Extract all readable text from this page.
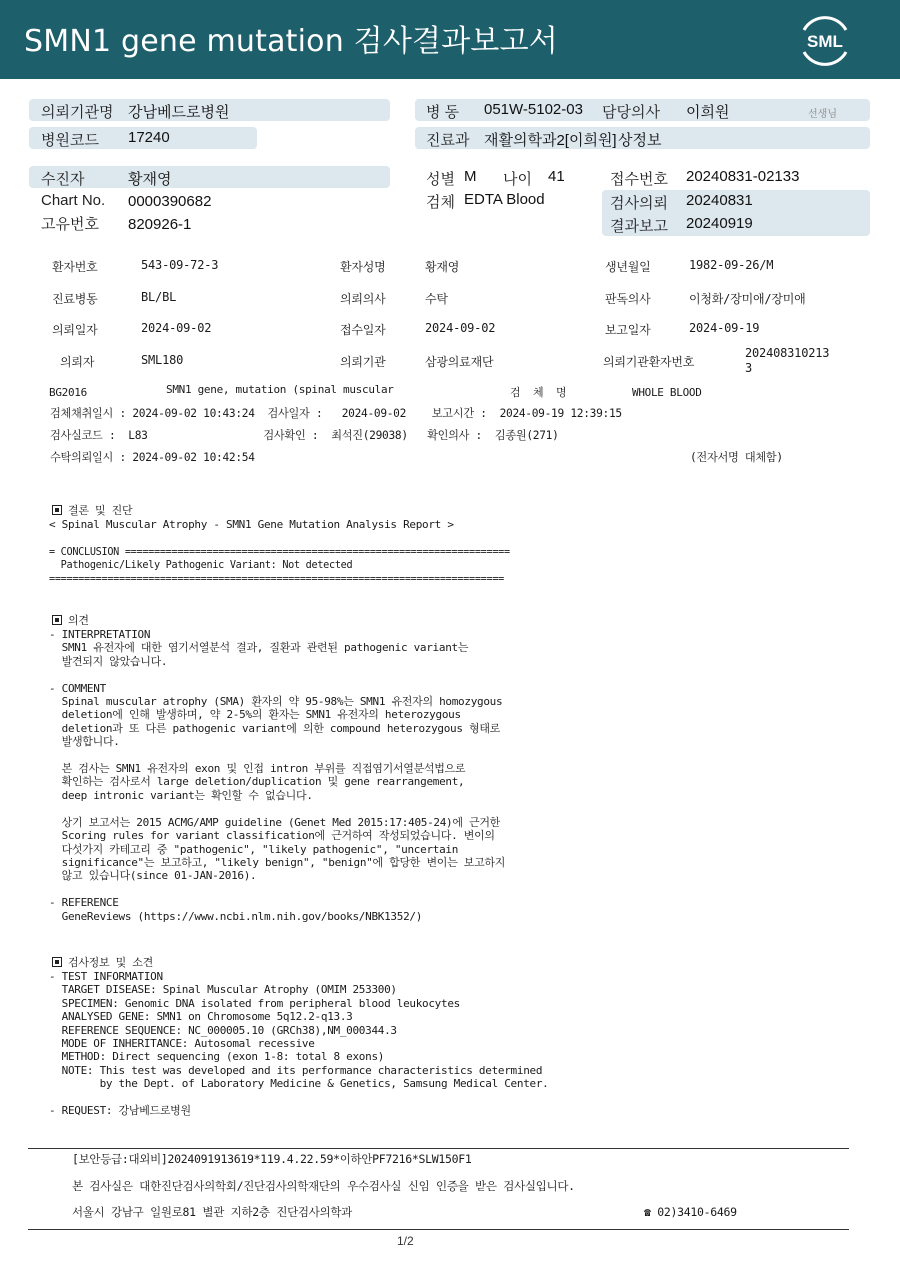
SMN1 gene mutation 검사결과보고서	SML
의뢰기관명 강남베드로병원
병원코드 17240
병 동 051W-5102-03 담당의사 이희원	선생님
진료과 재활의학과2[이희원] 상정보
수진자	황재영
Chart No. 0000390682
고유번호 820926-1
성별 M 나이 41
검체 EDTA Blood
접수번호 20240831-02133
검사의뢰 20240831
결과보고 20240919
환자번호	543-09-72-3	환자성명	황재영	생년월일	1982-09-26/M
진료병동	BL/BL	의뢰의사	수탁	판독의사	이청화/장미애/장미애
의뢰일자	2024-09-02	접수일자	2024-09-02	보고일자	2024-09-19
의뢰자	SML180	의뢰기관	삼광의료재단	의뢰기관환자번호
202408310213
3
BG2016	SMN1 gene, mutation (spinal muscular	검  체  명	WHOLE BLOOD
검체채취일시 : 2024-09-02 10:43:24  검사일자 :   2024-09-02    보고시간 :  2024-09-19 12:39:15
검사실코드 :  L83                  검사확인 :  최석진(29038)   확인의사 :  김종원(271)
수탁의뢰일시 : 2024-09-02 10:42:54	(전자서명 대체함)
결론 및 진단
< Spinal Muscular Atrophy - SMN1 Gene Mutation Analysis Report >
= CONCLUSION ==================================================================
Pathogenic/Likely Pathogenic Variant: Not detected
==============================================================================
의견
- INTERPRETATION
SMN1 유전자에 대한 염기서열분석 결과, 질환과 관련된 pathogenic variant는
발견되지 않았습니다.

- COMMENT
Spinal muscular atrophy (SMA) 환자의 약 95-98%는 SMN1 유전자의 homozygous
deletion에 인해 발생하며, 약 2-5%의 환자는 SMN1 유전자의 heterozygous
deletion과 또 다른 pathogenic variant에 의한 compound heterozygous 형태로
발생합니다.

본 검사는 SMN1 유전자의 exon 및 인접 intron 부위를 직접염기서열분석법으로
확인하는 검사로서 large deletion/duplication 및 gene rearrangement,
deep intronic variant는 확인할 수 없습니다.

상기 보고서는 2015 ACMG/AMP guideline (Genet Med 2015:17:405-24)에 근거한
Scoring rules for variant classification에 근거하여 작성되었습니다. 변이의
다섯가지 카테고리 중 "pathogenic", "likely pathogenic", "uncertain
significance"는 보고하고, "likely benign", "benign"에 합당한 변이는 보고하지
않고 있습니다(since 01-JAN-2016).

- REFERENCE
GeneReviews (https://www.ncbi.nlm.nih.gov/books/NBK1352/)
검사정보 및 소견
- TEST INFORMATION
TARGET DISEASE: Spinal Muscular Atrophy (OMIM 253300)
SPECIMEN: Genomic DNA isolated from peripheral blood leukocytes
ANALYSED GENE: SMN1 on Chromosome 5q12.2-q13.3
REFERENCE SEQUENCE: NC_000005.10 (GRCh38),NM_000344.3
MODE OF INHERITANCE: Autosomal recessive
METHOD: Direct sequencing (exon 1-8: total 8 exons)
NOTE: This test was developed and its performance characteristics determined
by the Dept. of Laboratory Medicine & Genetics, Samsung Medical Center.

- REQUEST: 강남베드로병원
[보안등급:대외비]2024091913619*119.4.22.59*이하안PF7216*SLW150F1
본 검사실은 대한진단검사의학회/진단검사의학재단의 우수검사실 신임 인증을 받은 검사실입니다.
서울시 강남구 일원로81 별관 지하2층 진단검사의학과	☎ 02)3410-6469
1/2
